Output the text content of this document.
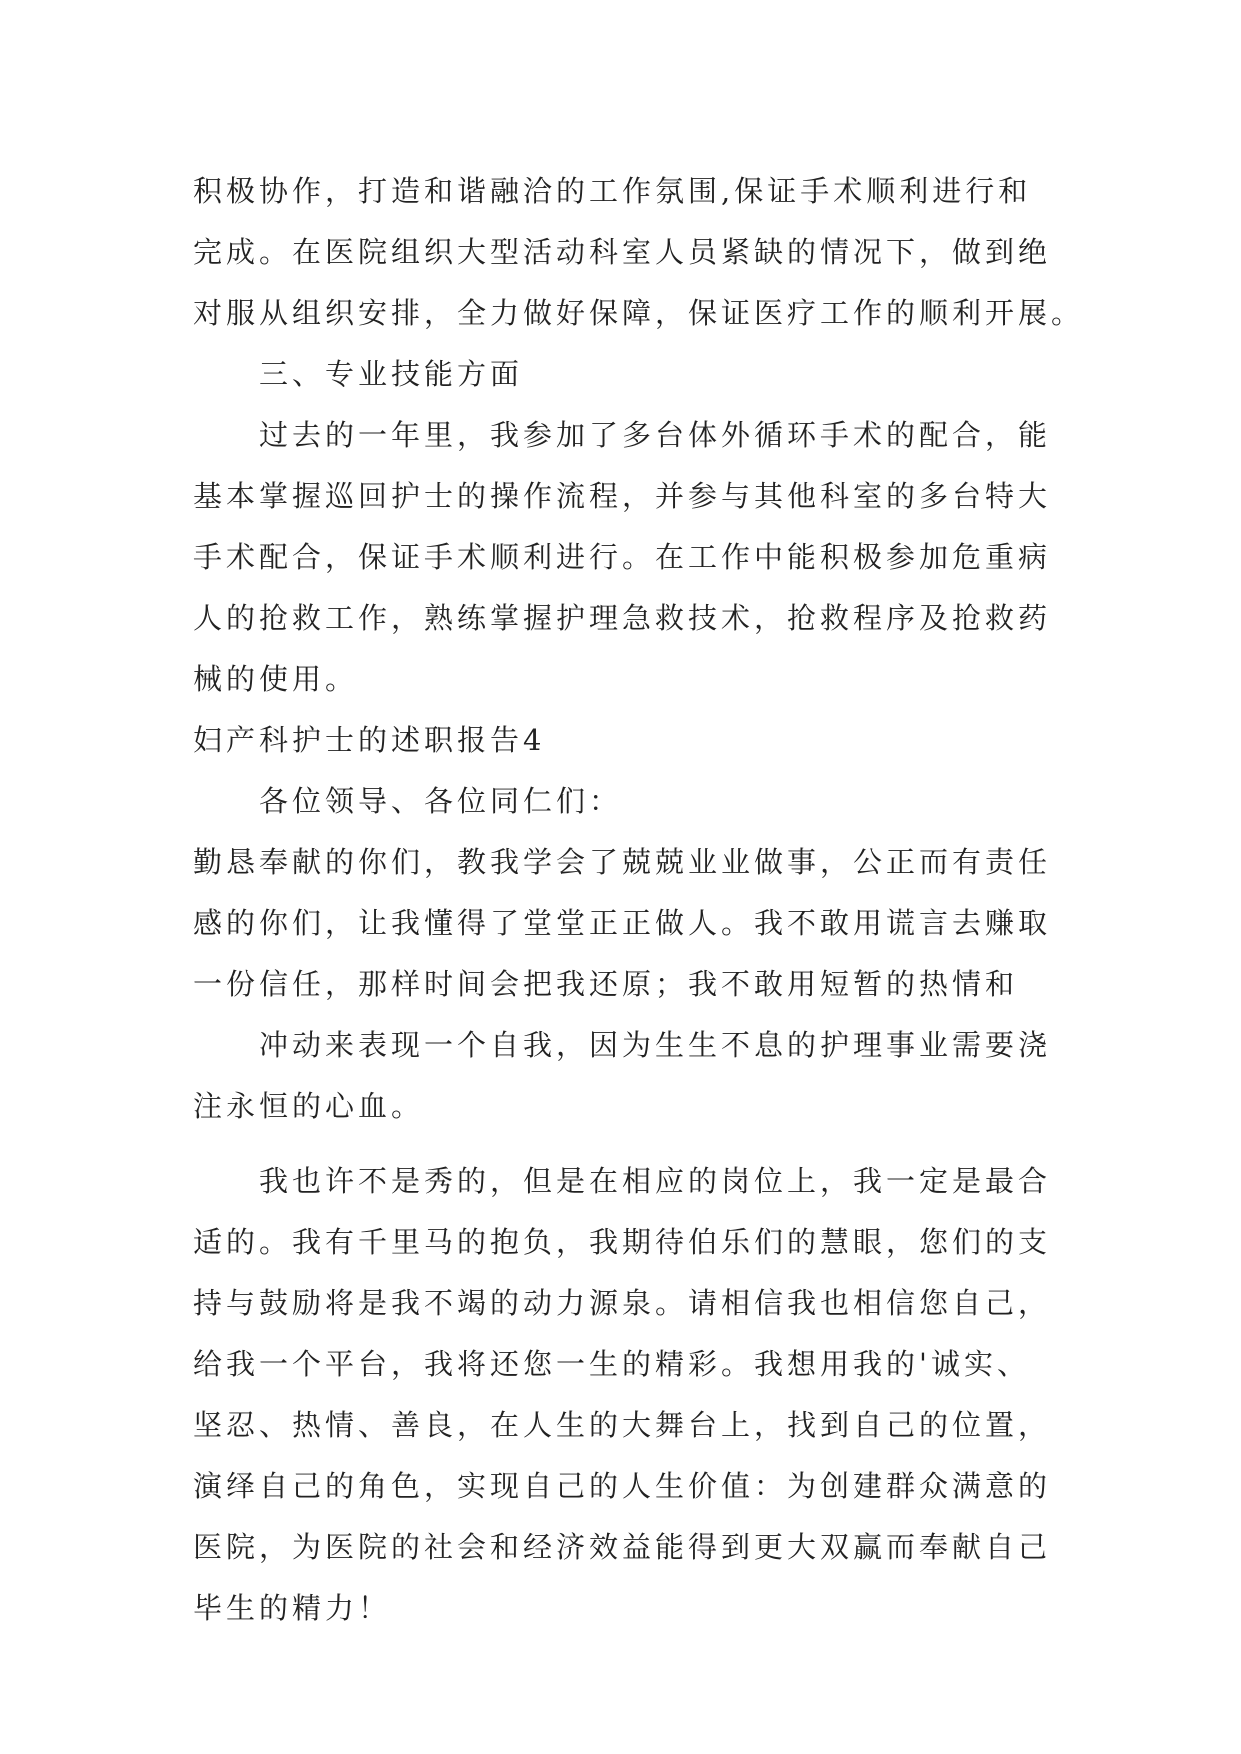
积极协作，打造和谐融洽的工作氛围,保证手术顺利进行和
完成。在医院组织大型活动科室人员紧缺的情况下，做到绝
对服从组织安排，全力做好保障，保证医疗工作的顺利开展。
三、专业技能方面
过去的一年里，我参加了多台体外循环手术的配合，能
基本掌握巡回护士的操作流程，并参与其他科室的多台特大
手术配合，保证手术顺利进行。在工作中能积极参加危重病
人的抢救工作，熟练掌握护理急救技术，抢救程序及抢救药
械的使用。
妇产科护士的述职报告4
各位领导、各位同仁们：
勤恳奉献的你们，教我学会了兢兢业业做事，公正而有责任
感的你们，让我懂得了堂堂正正做人。我不敢用谎言去赚取
一份信任，那样时间会把我还原；我不敢用短暂的热情和
冲动来表现一个自我，因为生生不息的护理事业需要浇
注永恒的心血。
我也许不是秀的，但是在相应的岗位上，我一定是最合
适的。我有千里马的抱负，我期待伯乐们的慧眼，您们的支
持与鼓励将是我不竭的动力源泉。请相信我也相信您自己，
给我一个平台，我将还您一生的精彩。我想用我的'诚实、
坚忍、热情、善良，在人生的大舞台上，找到自己的位置，
演绎自己的角色，实现自己的人生价值：为创建群众满意的
医院，为医院的社会和经济效益能得到更大双赢而奉献自己
毕生的精力！
